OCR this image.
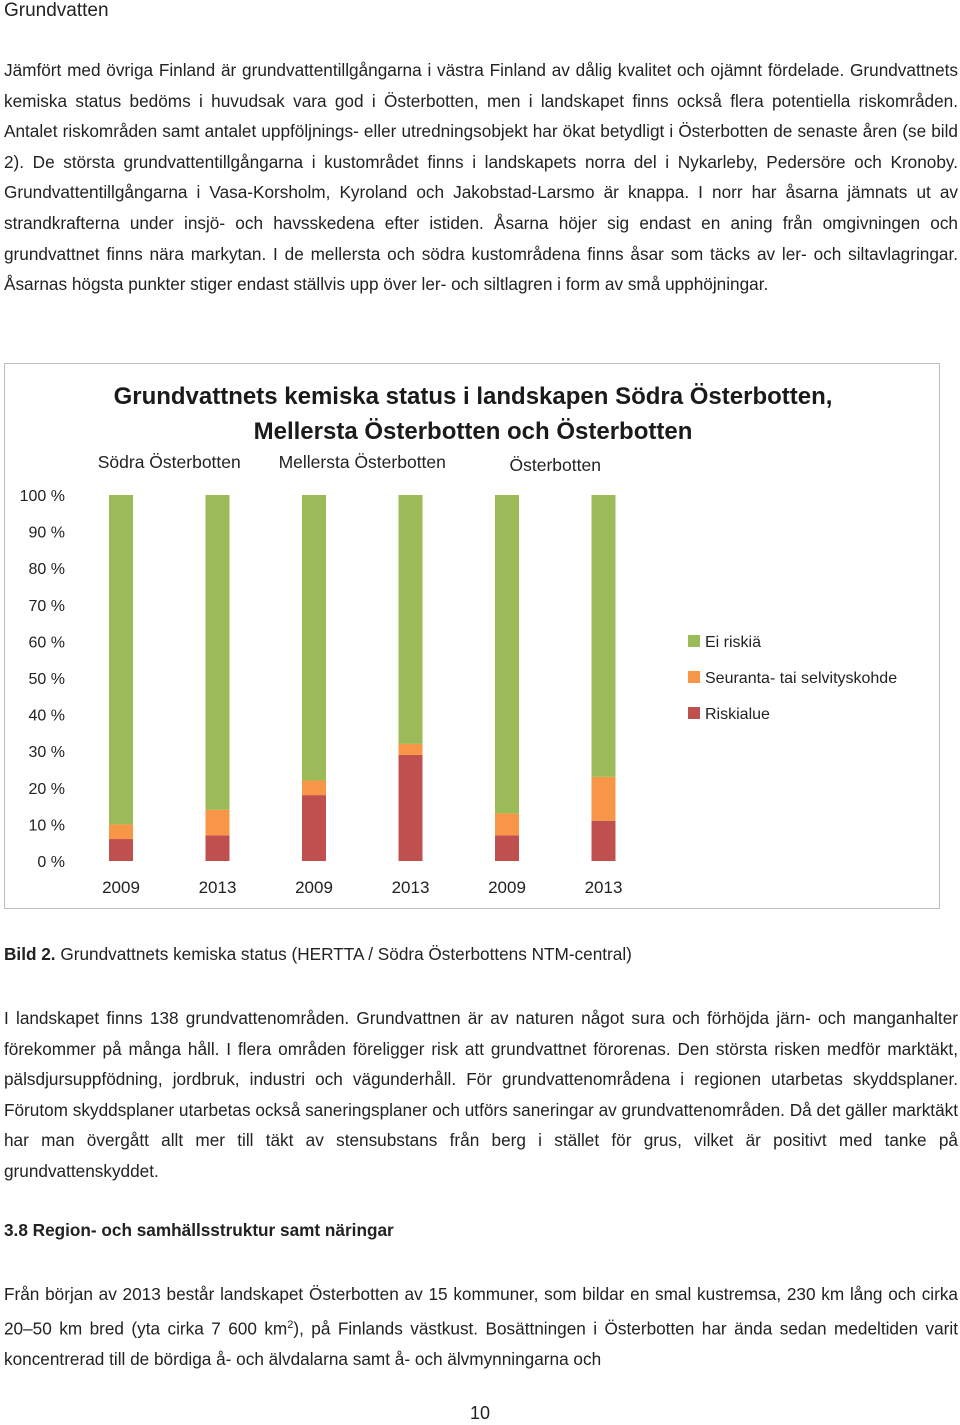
Grundvatten

Jämfört med övriga Finland är grundvattentillgångarna i västra Finland av dålig kvalitet och ojämnt fördelade. Grundvattnets kemiska status bedöms i huvudsak vara god i Österbotten, men i landskapet finns också flera potentiella riskområden. Antalet riskområden samt antalet uppföljnings- eller utredningsobjekt har ökat betydligt i Österbotten de senaste åren (se bild 2). De största grundvattentillgångarna i kustområdet finns i landskapets norra del i Nykarleby, Pedersöre och Kronoby. Grundvattentillgångarna i Vasa-Korsholm, Kyroland och Jakobstad-Larsmo är knappa. I norr har åsarna jämnats ut av strandkrafterna under insjö- och havsskedena efter istiden. Åsarna höjer sig endast en aning från omgivningen och grundvattnet finns nära markytan. I de mellersta och södra kustområdena finns åsar som täcks av ler- och siltavlagringar. Åsarnas högsta punkter stiger endast ställvis upp över ler- och siltlagren i form av små upphöjningar.

Grundvattnets kemiska status i landskapen Södra Österbotten,
Mellersta Österbotten och Österbotten
Södra Österbotten Mellersta Österbotten	Österbotten
0 %
10 %
20 %
30 %
40 %
50 %
60 %
70 %
80 %
90 %
100 %
2009	2013	2009	2013	2009	2013
Ei riskiä
Seuranta- tai selvityskohde
Riskialue

Bild 2. Grundvattnets kemiska status (HERTTA / Södra Österbottens NTM-central)

I landskapet finns 138 grundvattenområden. Grundvattnen är av naturen något sura och förhöjda järn- och manganhalter förekommer på många håll. I flera områden föreligger risk att grundvattnet förorenas. Den största risken medför marktäkt, pälsdjursuppfödning, jordbruk, industri och vägunderhåll. För grundvattenområdena i regionen utarbetas skyddsplaner. Förutom skyddsplaner utarbetas också saneringsplaner och utförs saneringar av grundvattenområden. Då det gäller marktäkt har man övergått allt mer till täkt av stensubstans från berg i stället för grus, vilket är positivt med tanke på grundvattenskyddet.

3.8 Region- och samhällsstruktur samt näringar

Från början av 2013 består landskapet Österbotten av 15 kommuner, som bildar en smal kustremsa, 230 km lång och cirka 20–50 km bred (yta cirka 7 600 $km^2$), på Finlands västkust. Bosättningen i Österbotten har ända sedan medeltiden varit koncentrerad till de bördiga å- och älvdalarna samt å- och älvmynningarna och

10
